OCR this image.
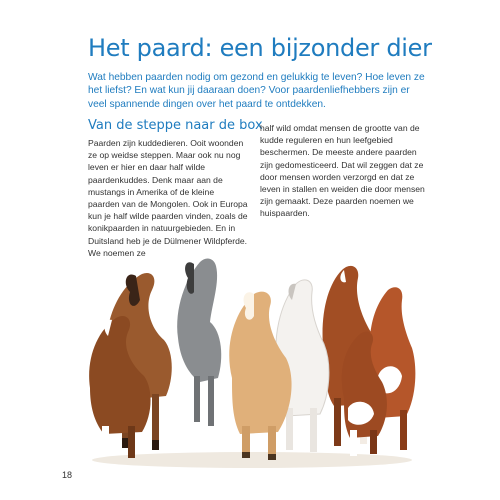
Het paard: een bijzonder dier

Wat hebben paarden nodig om gezond en gelukkig te leven? Hoe leven ze het liefst? En wat kun jij daaraan doen? Voor paardenliefhebbers zijn er veel spannende dingen over het paard te ontdekken.

Van de steppe naar de box

Paarden zijn kuddedieren. Ooit woonden ze op weidse steppen. Maar ook nu nog leven er hier en daar half wilde paardenkuddes. Denk maar aan de mustangs in Amerika of de kleine paarden van de Mongolen. Ook in Europa kun je half wilde paarden vinden, zoals de konikpaarden in natuurgebieden. En in Duitsland heb je de Dülmener Wildpferde. We noemen ze

half wild omdat mensen de grootte van de kudde reguleren en hun leefgebied beschermen. De meeste andere paarden zijn gedomesticeerd. Dat wil zeggen dat ze door mensen worden verzorgd en dat ze leven in stallen en weiden die door mensen zijn gemaakt. Deze paarden noemen we huispaarden.

18
